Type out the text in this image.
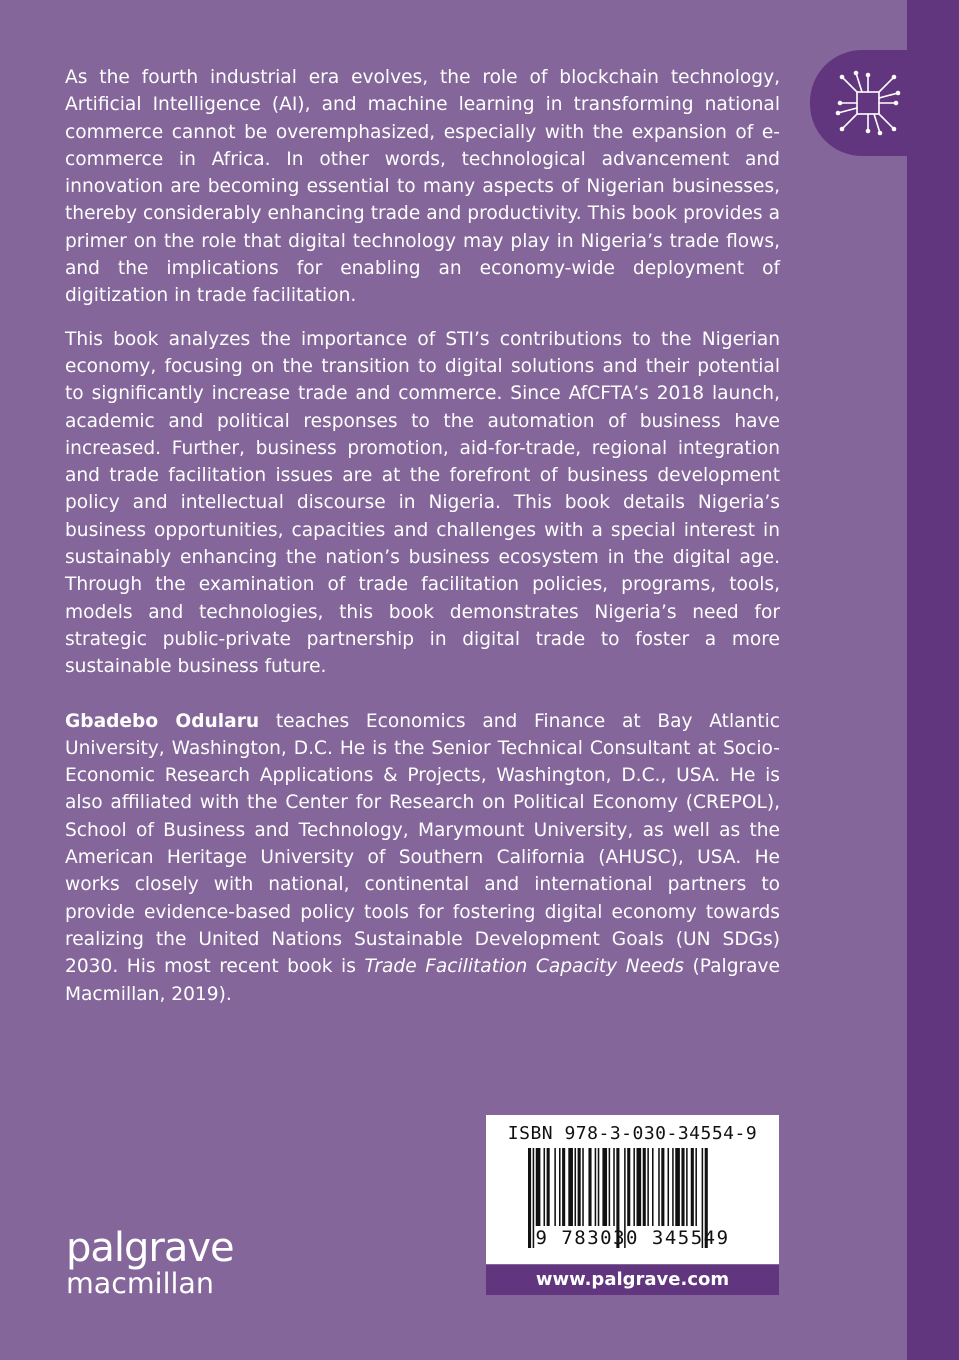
As the fourth industrial era evolves, the role of blockchain technology, Artificial Intelligence (AI), and machine learning in transforming national commerce cannot be overemphasized, especially with the expansion of e-commerce in Africa. In other words, technological advancement and innovation are becoming essential to many aspects of Nigerian businesses, thereby considerably enhancing trade and productivity. This book provides a primer on the role that digital technology may play in Nigeria’s trade flows, and the implications for enabling an economy-wide deployment of digitization in trade facilitation.

This book analyzes the importance of STI’s contributions to the Nigerian economy, focusing on the transition to digital solutions and their potential to significantly increase trade and commerce. Since AfCFTA’s 2018 launch, academic and political responses to the automation of business have increased. Further, business promotion, aid-for-trade, regional integration and trade facilitation issues are at the forefront of business development policy and intellectual discourse in Nigeria. This book details Nigeria’s business opportunities, capacities and challenges with a special interest in sustainably enhancing the nation’s business ecosystem in the digital age. Through the examination of trade facilitation policies, programs, tools, models and technologies, this book demonstrates Nigeria’s need for strategic public-private partnership in digital trade to foster a more sustainable business future.

Gbadebo Odularu teaches Economics and Finance at Bay Atlantic University, Washington, D.C. He is the Senior Technical Consultant at Socio-Economic Research Applications & Projects, Washington, D.C., USA. He is also affiliated with the Center for Research on Political Economy (CREPOL), School of Business and Technology, Marymount University, as well as the American Heritage University of Southern California (AHUSC), USA. He works closely with national, continental and international partners to provide evidence-based policy tools for fostering digital economy towards realizing the United Nations Sustainable Development Goals (UN SDGs) 2030. His most recent book is Trade Facilitation Capacity Needs (Palgrave Macmillan, 2019).

palgrave
macmillan
ISBN 978-3-030-34554-9
9 783030 345549
www.palgrave.com
